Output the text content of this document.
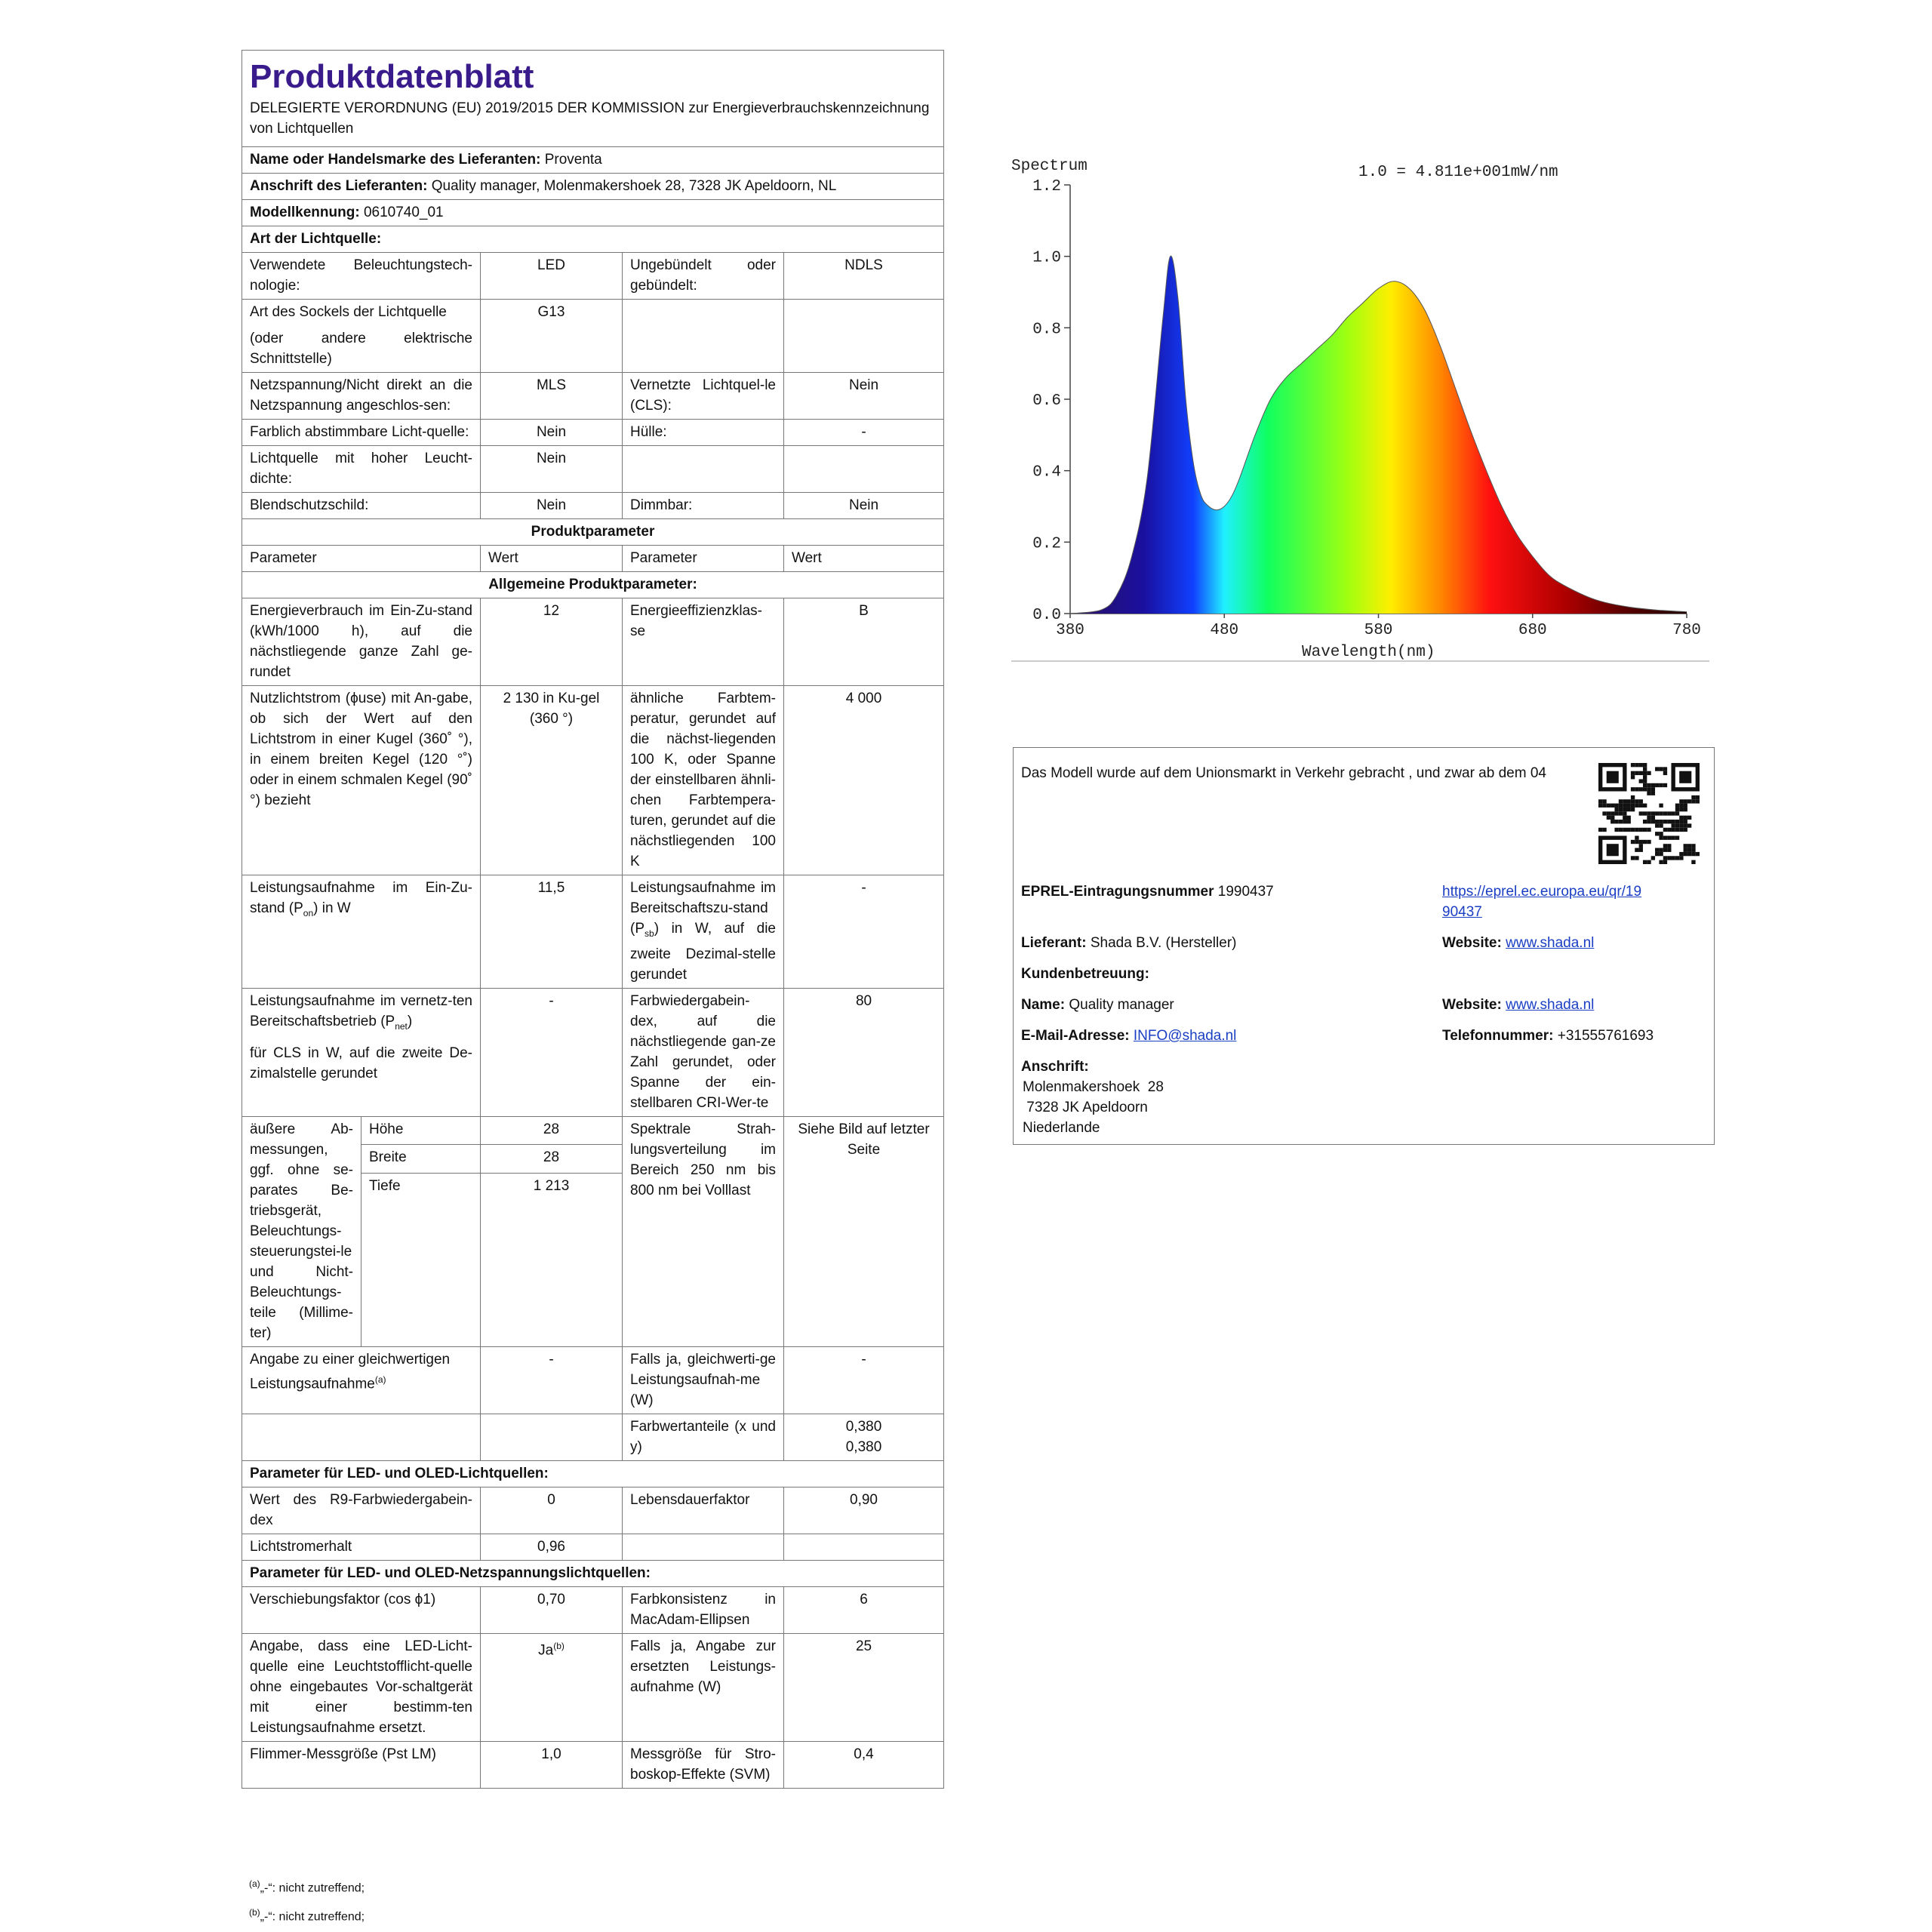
Produktdatenblatt
DELEGIERTE VERORDNUNG (EU) 2019/2015 DER KOMMISSION zur Energieverbrauchskennzeichnung von Lichtquellen				

Name oder Handelsmarke des Lieferanten: Proventa				
Anschrift des Lieferanten: Quality manager, Molenmakershoek 28, 7328 JK Apeldoorn, NL				
Modellkennung: 0610740_01				
Art der Lichtquelle:				
Verwendete Beleuchtungstech-nologie:		LED	Ungebündelt oder gebündelt:	NDLS

Art des Sockels der Lichtquelle
(oder andere elektrische Schnittstelle)		G13		
Netzspannung/Nicht direkt an die Netzspannung angeschlos-sen:		MLS	Vernetzte Lichtquel-le (CLS):	Nein
Farblich abstimmbare Licht-quelle:		Nein	Hülle:	-
Lichtquelle mit hoher Leucht-dichte:		Nein		
Blendschutzschild:		Nein	Dimmbar:	Nein
Produktparameter				
Parameter		Wert	Parameter	Wert
Allgemeine Produktparameter:				
Energieverbrauch im Ein-Zu-stand (kWh/1000 h), auf die nächstliegende ganze Zahl ge-rundet		12	Energieeffizienzklas-se	B
Nutzlichtstrom (ϕuse) mit An-gabe, ob sich der Wert auf den Lichtstrom in einer Kugel (360˚ °), in einem breiten Kegel (120 °˚) oder in einem schmalen Kegel (90˚ °) bezieht		2 130 in Ku-gel (360 °)	ähnliche Farbtem-peratur, gerundet auf die nächst-liegenden 100 K, oder Spanne der einstellbaren ähnli-chen Farbtempera-turen, gerundet auf die nächstliegenden 100 K	4 000
Leistungsaufnahme im Ein-Zu-stand $(P_{on})$ in W		11,5	Leistungsaufnahme im Bereitschaftszu-stand $(P_{sb})$ in W, auf die zweite Dezimal-stelle gerundet	-

Leistungsaufnahme im vernetz-ten Bereitschaftsbetrieb $(P_{net})$
für CLS in W, auf die zweite De-zimalstelle gerundet		-	Farbwiedergabein-dex, auf die nächstliegende gan-ze Zahl gerundet, oder Spanne der ein-stellbaren CRI-Wer-te	80
äußere Ab-messungen, ggf. ohne se-parates Be-triebsgerät, Beleuchtungs-steuerungstei-le und Nicht-Beleuchtungs-teile (Millime-ter)	Höhe	28	Spektrale Strah-lungsverteilung im Bereich 250 nm bis 800 nm bei Volllast	Siehe Bild auf letzter Seite
	Breite	28		
	Tiefe	1 213		
Angabe zu einer gleichwertigen Leistungsaufnahme$^{(a)}$		-	Falls ja, gleichwerti-ge Leistungsaufnah-me (W)	-
			Farbwertanteile (x und y)	0,380
0,380

Parameter für LED- und OLED-Lichtquellen:				
Wert des R9-Farbwiedergabein-dex		0	Lebensdauerfaktor	0,90
Lichtstromerhalt		0,96		
Parameter für LED- und OLED-Netzspannungslichtquellen:				
Verschiebungsfaktor (cos ϕ1)		0,70	Farbkonsistenz in MacAdam-Ellipsen	6
Angabe, dass eine LED-Licht-quelle eine Leuchtstofflicht-quelle ohne eingebautes Vor-schaltgerät mit einer bestimm-ten Leistungsaufnahme ersetzt.		Ja$^{(b)}$	Falls ja, Angabe zur ersetzten Leistungs-aufnahme (W)	25
Flimmer-Messgröße (Pst LM)		1,0	Messgröße für Stro-boskop-Effekte (SVM)	0,4
$^{(a)}$„-“: nicht zutreffend;
$^{(b)}$„-“: nicht zutreffend;
Spectrum	1.0 = 4.811e+001mW/nm
0.0
0.2
0.4
0.6
0.8
1.0
1.2
380	480	580	680	780
Wavelength(nm)
Das Modell wurde auf dem Unionsmarkt in Verkehr gebracht , und zwar ab dem 04
EPREL-Eintragungsnummer 1990437	https://eprel.ec.europa.eu/qr/19
90437
Lieferant: Shada B.V. (Hersteller)	Website: www.shada.nl
Kundenbetreuung:
Name: Quality manager	Website: www.shada.nl
E-Mail-Adresse: INFO@shada.nl	Telefonnummer: +31555761693
Anschrift:
Molenmakershoek  28
7328 JK Apeldoorn
Niederlande
